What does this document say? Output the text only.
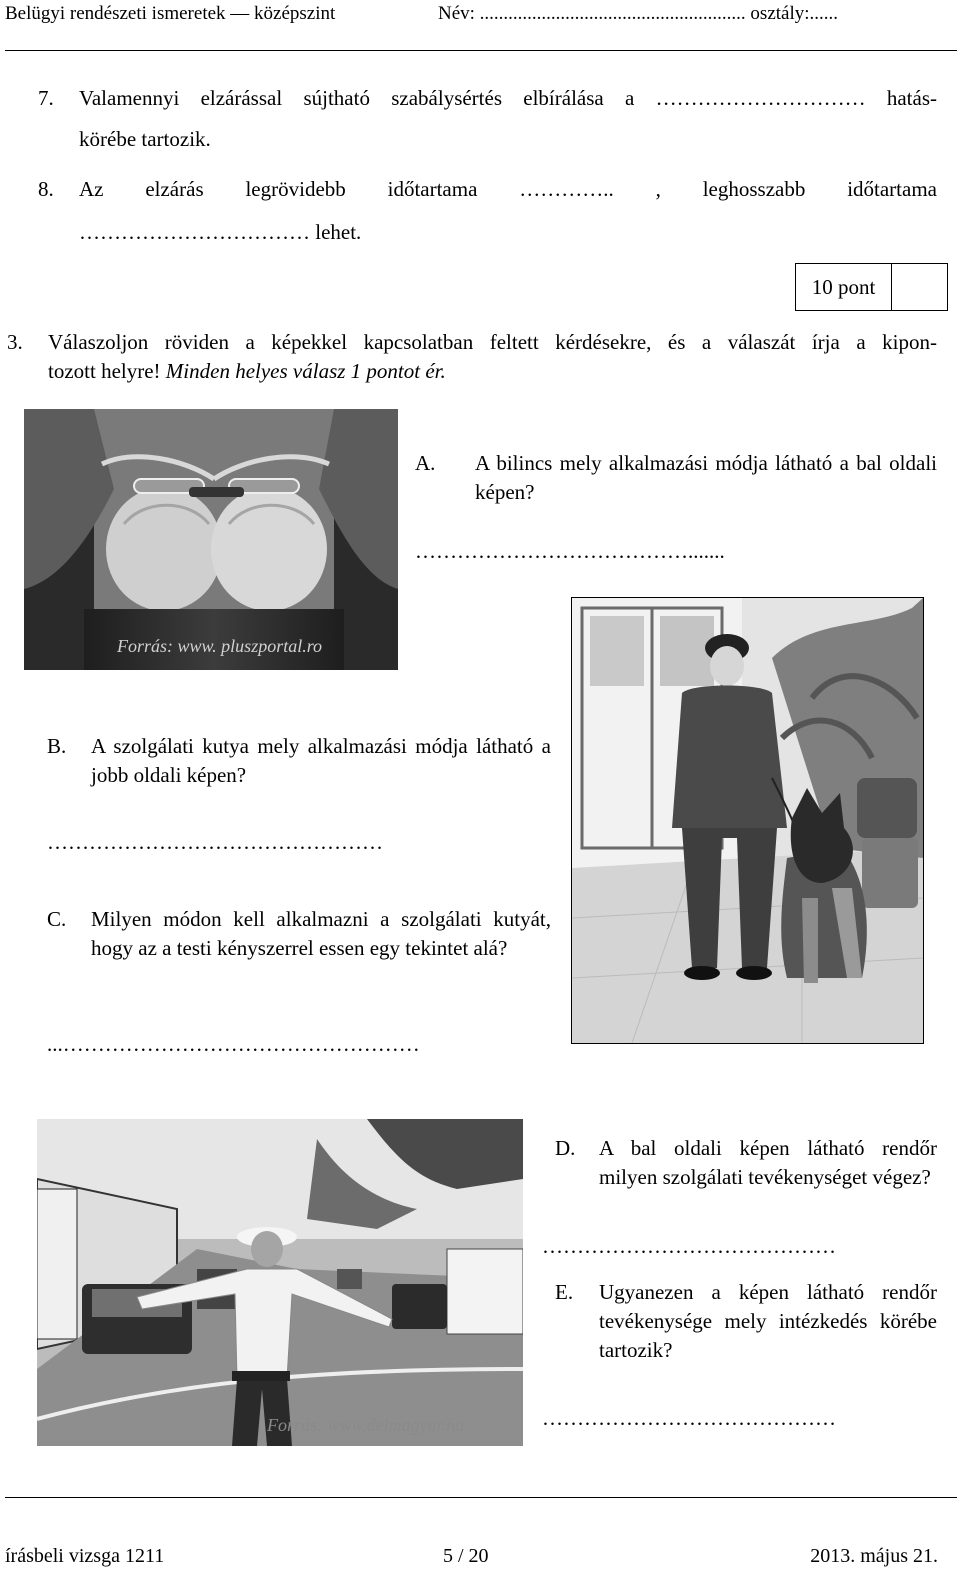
Belügyi rendészeti ismeretek — középszint	Név: ........................................................ osztály:......
7. Valamennyi elzárással sújtható szabálysértés elbírálása a ………………………… hatás-
körébe tartozik.
8. Az elzárás legrövidebb időtartama ………….. , leghosszabb időtartama
…………………………… lehet.
10 pont
3. Válaszoljon röviden a képekkel kapcsolatban feltett kérdésekre, és a válaszát írja a kipon-
tozott helyre! Minden helyes válasz 1 pontot ér.
Forrás: www. pluszportal.ro
A. A bilincs mely alkalmazási módja látható a bal oldali képen?
………………………………….......
B. A szolgálati kutya mely alkalmazási módja látható a jobb oldali képen?
…………………………………………
C. Milyen módon kell alkalmazni a szolgálati kutyát, hogy az a testi kényszerrel essen egy tekintet alá?
...……………………………………………
Forrás: www.delmagyar.hu
D. A bal oldali képen látható rendőr milyen szolgálati tevékenységet végez?
……………………………………
E. Ugyanezen a képen látható rendőr tevékenysége mely intézkedés körébe tartozik?
……………………………………
írásbeli vizsga 1211	5 / 20	2013. május 21.
